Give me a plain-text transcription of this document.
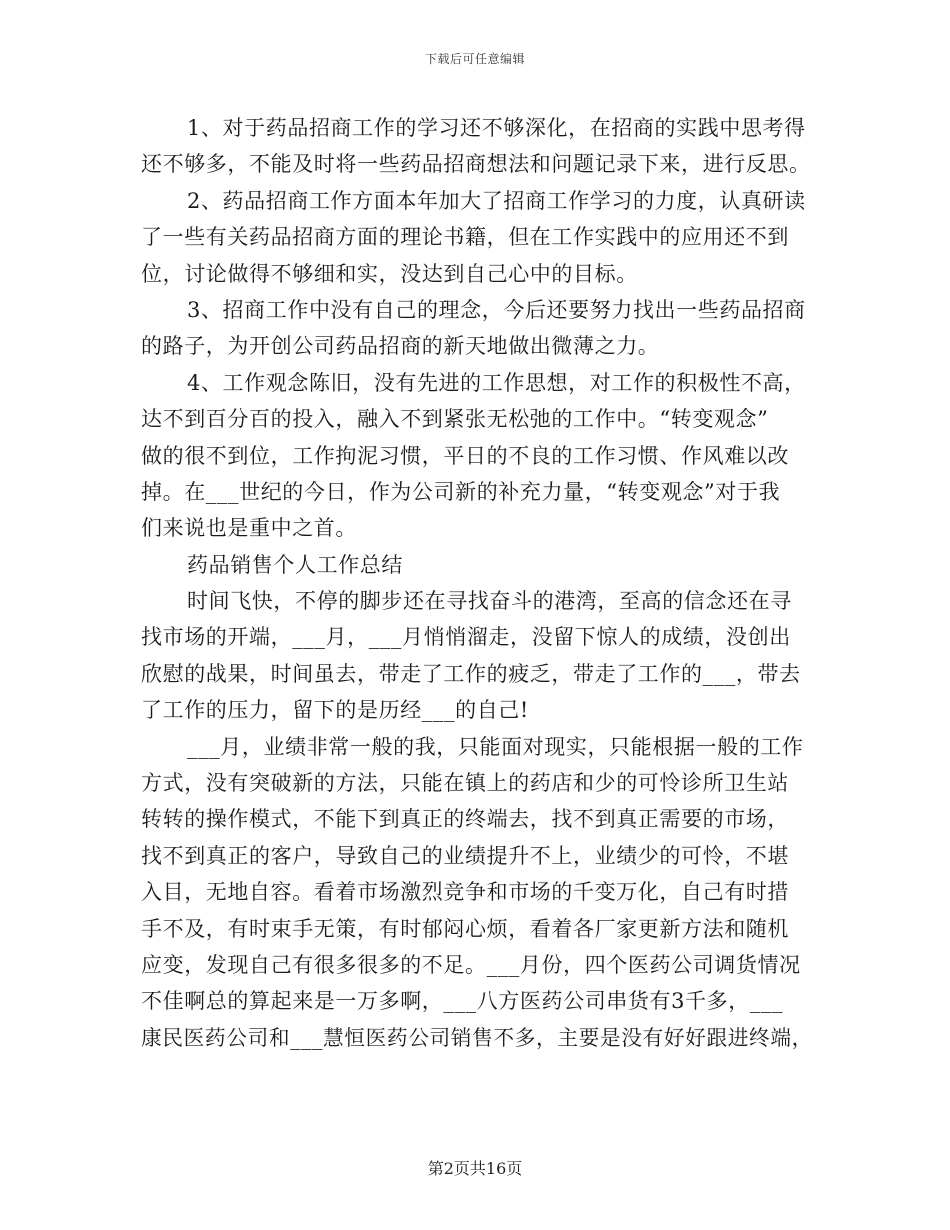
下载后可任意编辑
1、对于药品招商工作的学习还不够深化，在招商的实践中思考得
还不够多，不能及时将一些药品招商想法和问题记录下来，进行反思。
2、药品招商工作方面本年加大了招商工作学习的力度，认真研读
了一些有关药品招商方面的理论书籍，但在工作实践中的应用还不到
位，讨论做得不够细和实，没达到自己心中的目标。
3、招商工作中没有自己的理念，今后还要努力找出一些药品招商
的路子，为开创公司药品招商的新天地做出微薄之力。
4、工作观念陈旧，没有先进的工作思想，对工作的积极性不高，
达不到百分百的投入，融入不到紧张无松弛的工作中。“转变观念”
做的很不到位，工作拘泥习惯，平日的不良的工作习惯、作风难以改
掉。在___世纪的今日，作为公司新的补充力量，“转变观念”对于我
们来说也是重中之首。
药品销售个人工作总结
时间飞快，不停的脚步还在寻找奋斗的港湾，至高的信念还在寻
找市场的开端，___月，___月悄悄溜走，没留下惊人的成绩，没创出
欣慰的战果，时间虽去，带走了工作的疲乏，带走了工作的___，带去
了工作的压力，留下的是历经___的自己!
___月，业绩非常一般的我，只能面对现实，只能根据一般的工作
方式，没有突破新的方法，只能在镇上的药店和少的可怜诊所卫生站
转转的操作模式，不能下到真正的终端去，找不到真正需要的市场，
找不到真正的客户，导致自己的业绩提升不上，业绩少的可怜，不堪
入目，无地自容。看着市场激烈竞争和市场的千变万化，自己有时措
手不及，有时束手无策，有时郁闷心烦，看着各厂家更新方法和随机
应变，发现自己有很多很多的不足。___月份，四个医药公司调货情况
不佳啊总的算起来是一万多啊，___八方医药公司串货有3千多，___
康民医药公司和___慧恒医药公司销售不多，主要是没有好好跟进终端，
第2页共16页
